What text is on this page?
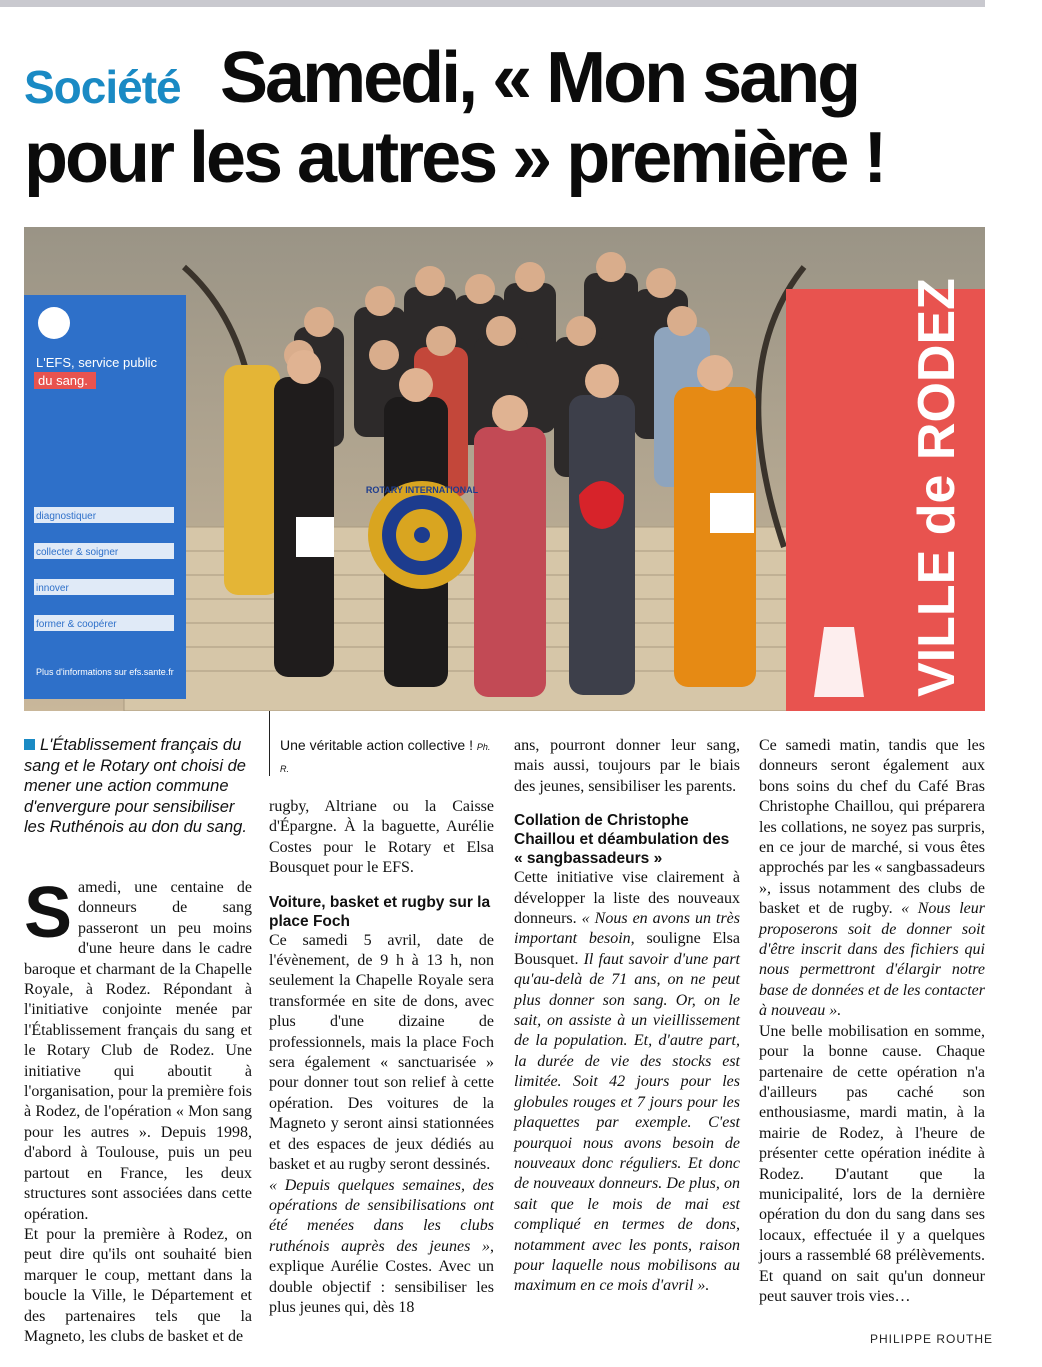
Samedi, « Mon sang
pour les autres » première !
Société
L'EFS, service public
du sang.
diagnostiquer
collecter & soigner
innover
former & coopérer
Plus d'informations sur efs.sante.fr	VILLE de RODEZ
ROTARY INTERNATIONAL
L'Établissement français du sang et le Rotary ont choisi de mener une action commune d'envergure pour sensibiliser les Ruthénois au don du sang.
Une véritable action collective ! Ph. R.
S amedi, une centaine de donneurs de sang passeront un peu moins d'une heure dans le cadre baroque et charmant de la Chapelle Royale, à Rodez. Répondant à l'initiative conjointe menée par l'Établissement français du sang et le Rotary Club de Rodez. Une initiative qui aboutit à l'organisation, pour la première fois à Rodez, de l'opération « Mon sang pour les autres ». Depuis 1998, d'abord à Toulouse, puis un peu partout en France, les deux structures sont associées dans cette opération.

Et pour la première à Rodez, on peut dire qu'ils ont souhaité bien marquer le coup, mettant dans la boucle la Ville, le Département et des partenaires tels que la Magneto, les clubs de basket et de

rugby, Altriane ou la Caisse d'Épargne. À la baguette, Aurélie Costes pour le Rotary et Elsa Bousquet pour le EFS.

Voiture, basket et rugby sur la place Foch

Ce samedi 5 avril, date de l'évènement, de 9 h à 13 h, non seulement la Chapelle Royale sera transformée en site de dons, avec plus d'une dizaine de professionnels, mais la place Foch sera également « sanctuarisée » pour donner tout son relief à cette opération. Des voitures de la Magneto y seront ainsi stationnées et des espaces de jeux dédiés au basket et au rugby seront dessinés.

« Depuis quelques semaines, des opérations de sensibilisations ont été menées dans les clubs ruthénois auprès des jeunes », explique Aurélie Costes. Avec un double objectif : sensibiliser les plus jeunes qui, dès 18

ans, pourront donner leur sang, mais aussi, toujours par le biais des jeunes, sensibiliser les parents.

Collation de Christophe Chaillou et déambulation des « sangbassadeurs »

Cette initiative vise clairement à développer la liste des nouveaux donneurs. « Nous en avons un très important besoin, souligne Elsa Bousquet. Il faut savoir d'une part qu'au-delà de 71 ans, on ne peut plus donner son sang. Or, on le sait, on assiste à un vieillissement de la population. Et, d'autre part, la durée de vie des stocks est limitée. Soit 42 jours pour les globules rouges et 7 jours pour les plaquettes par exemple. C'est pourquoi nous avons besoin de nouveaux donc réguliers. Et donc de nouveaux donneurs. De plus, on sait que le mois de mai est compliqué en termes de dons, notamment avec les ponts, raison pour laquelle nous mobilisons au maximum en ce mois d'avril ».

Ce samedi matin, tandis que les donneurs seront également aux bons soins du chef du Café Bras Christophe Chaillou, qui préparera les collations, ne soyez pas surpris, en ce jour de marché, si vous êtes approchés par les « sangbassadeurs », issus notamment des clubs de basket et de rugby. « Nous leur proposerons soit de donner soit d'être inscrit dans des fichiers qui nous permettront d'élargir notre base de données et de les contacter à nouveau ».

Une belle mobilisation en somme, pour la bonne cause. Chaque partenaire de cette opération n'a d'ailleurs pas caché son enthousiasme, mardi matin, à la mairie de Rodez, à l'heure de présenter cette opération inédite à Rodez. D'autant que la municipalité, lors de la dernière opération du don du sang dans ses locaux, effectuée il y a quelques jours a rassemblé 68 prélèvements. Et quand on sait qu'un donneur peut sauver trois vies…

PHILIPPE ROUTHE
